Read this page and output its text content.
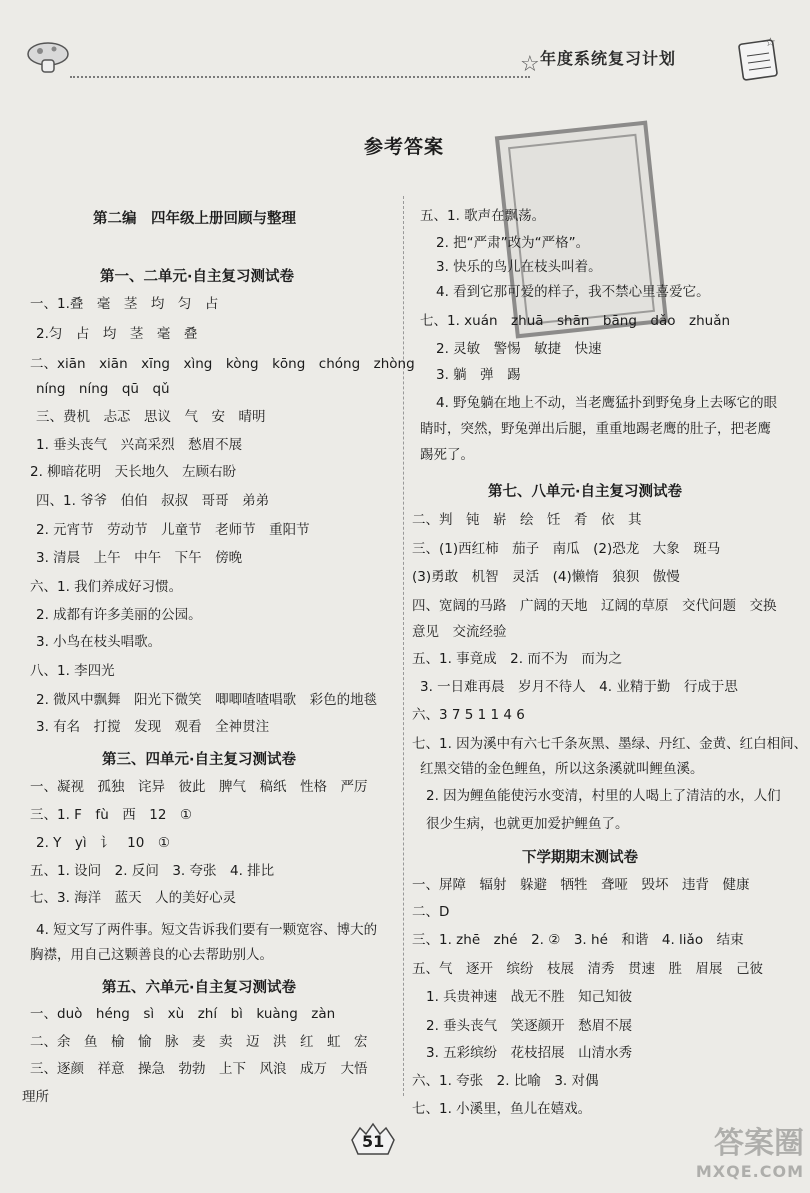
☆ 年度系统复习计划
☆
参考答案
第二编　四年级上册回顾与整理
第一、二单元·自主复习测试卷
一、1.叠　毫　茎　均　匀　占
2.匀　占　均　茎　毫　叠
二、xiān　xiān　xīng　xìng　kòng　kōng　chóng　zhòng
níng　níng　qū　qǔ
三、费机　忐忑　思议　气　安　晴明
1. 垂头丧气　兴高采烈　愁眉不展
2. 柳暗花明　天长地久　左顾右盼
四、1. 爷爷　伯伯　叔叔　哥哥　弟弟
2. 元宵节　劳动节　儿童节　老师节　重阳节
3. 清晨　上午　中午　下午　傍晚
六、1. 我们养成好习惯。
2. 成都有许多美丽的公园。
3. 小鸟在枝头唱歌。
八、1. 李四光
2. 微风中飘舞　阳光下微笑　唧唧喳喳唱歌　彩色的地毯
3. 有名　打搅　发现　观看　全神贯注
第三、四单元·自主复习测试卷
一、凝视　孤独　诧异　彼此　脾气　稿纸　性格　严厉
三、1. F　fù　西　12　①
2. Y　yì　讠　10　①
五、1. 设问　2. 反问　3. 夸张　4. 排比
七、3. 海洋　蓝天　人的美好心灵
4. 短文写了两件事。短文告诉我们要有一颗宽容、博大的
胸襟，用自己这颗善良的心去帮助别人。
第五、六单元·自主复习测试卷
一、duò　héng　sì　xù　zhí　bì　kuàng　zàn
二、余　鱼　榆　愉　脉　麦　卖　迈　洪　红　虹　宏
三、逐颜　祥意　操急　勃勃　上下　风浪　成万　大悟
理所
五、1. 歌声在飘荡。
2. 把“严肃”改为“严格”。
3. 快乐的鸟儿在枝头叫着。
4. 看到它那可爱的样子，我不禁心里喜爱它。
七、1. xuán　zhuā　shān　bāng　dǎo　zhuǎn
2. 灵敏　警惕　敏捷　快速
3. 躺　弹　踢
4. 野兔躺在地上不动，当老鹰猛扑到野兔身上去啄它的眼
睛时，突然，野兔弹出后腿，重重地踢老鹰的肚子，把老鹰
踢死了。
第七、八单元·自主复习测试卷
二、判　钝　崭　绘　饪　肴　依　其
三、(1)西红柿　茄子　南瓜　(2)恐龙　大象　斑马
(3)勇敢　机智　灵活　(4)懒惰　狼狈　傲慢
四、宽阔的马路　广阔的天地　辽阔的草原　交代问题　交换
意见　交流经验
五、1. 事竟成　2. 而不为　而为之
3. 一日难再晨　岁月不待人　4. 业精于勤　行成于思
六、3 7 5 1 1 4 6
七、1. 因为溪中有六七千条灰黑、墨绿、丹红、金黄、红白相间、
红黑交错的金色鲤鱼，所以这条溪就叫鲤鱼溪。
2. 因为鲤鱼能使污水变清，村里的人喝上了清洁的水，人们
很少生病，也就更加爱护鲤鱼了。
下学期期末测试卷
一、屏障　辐射　躲避　牺牲　聋哑　毁坏　违背　健康
二、D
三、1. zhē　zhé　2. ②　3. hé　和谐　4. liǎo　结束
五、气　逐开　缤纷　枝展　清秀　贯速　胜　眉展　己彼
1. 兵贵神速　战无不胜　知己知彼
2. 垂头丧气　笑逐颜开　愁眉不展
3. 五彩缤纷　花枝招展　山清水秀
六、1. 夸张　2. 比喻　3. 对偶
七、1. 小溪里，鱼儿在嬉戏。
51	答案圈
MXQE.COM
